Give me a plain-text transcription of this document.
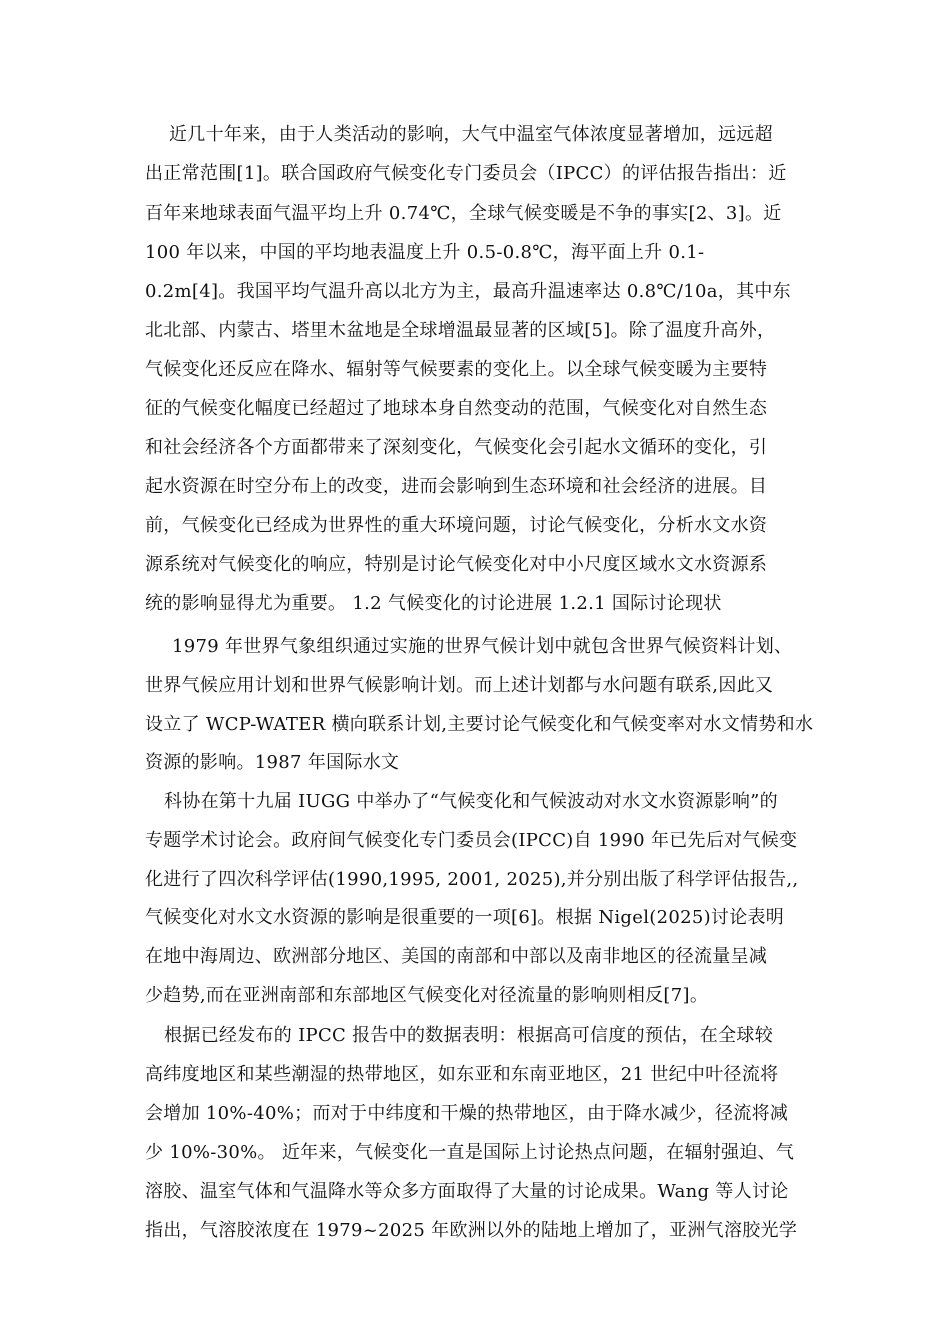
近几十年来，由于人类活动的影响，大气中温室气体浓度显著增加，远远超
出正常范围[1]。联合国政府气候变化专门委员会（IPCC）的评估报告指出：近
百年来地球表面气温平均上升 0.74℃，全球气候变暖是不争的事实[2、3]。近
100 年以来，中国的平均地表温度上升 0.5-0.8℃，海平面上升 0.1-
0.2m[4]。我国平均气温升高以北方为主，最高升温速率达 0.8℃/10a，其中东
北北部、内蒙古、塔里木盆地是全球增温最显著的区域[5]。除了温度升高外，
气候变化还反应在降水、辐射等气候要素的变化上。以全球气候变暖为主要特
征的气候变化幅度已经超过了地球本身自然变动的范围，气候变化对自然生态
和社会经济各个方面都带来了深刻变化，气候变化会引起水文循环的变化，引
起水资源在时空分布上的改变，进而会影响到生态环境和社会经济的进展。目
前，气候变化已经成为世界性的重大环境问题，讨论气候变化，分析水文水资
源系统对气候变化的响应，特别是讨论气候变化对中小尺度区域水文水资源系
统的影响显得尤为重要。 1.2 气候变化的讨论进展 1.2.1 国际讨论现状
1979 年世界气象组织通过实施的世界气候计划中就包含世界气候资料计划、
世界气候应用计划和世界气候影响计划。而上述计划都与水问题有联系,因此又
设立了 WCP-WATER 横向联系计划,主要讨论气候变化和气候变率对水文情势和水
资源的影响。1987 年国际水文
科协在第十九届 IUGG 中举办了“气候变化和气候波动对水文水资源影响”的
专题学术讨论会。政府间气候变化专门委员会(IPCC)自 1990 年已先后对气候变
化进行了四次科学评估(1990,1995, 2001, 2025),并分别出版了科学评估报告,,
气候变化对水文水资源的影响是很重要的一项[6]。根据 Nigel(2025)讨论表明
在地中海周边、欧洲部分地区、美国的南部和中部以及南非地区的径流量呈减
少趋势,而在亚洲南部和东部地区气候变化对径流量的影响则相反[7]。
根据已经发布的 IPCC 报告中的数据表明：根据高可信度的预估，在全球较
高纬度地区和某些潮湿的热带地区，如东亚和东南亚地区，21 世纪中叶径流将
会增加 10%-40%；而对于中纬度和干燥的热带地区，由于降水减少，径流将减
少 10%-30%。 近年来，气候变化一直是国际上讨论热点问题，在辐射强迫、气
溶胶、温室气体和气温降水等众多方面取得了大量的讨论成果。Wang 等人讨论
指出，气溶胶浓度在 1979~2025 年欧洲以外的陆地上增加了，亚洲气溶胶光学
